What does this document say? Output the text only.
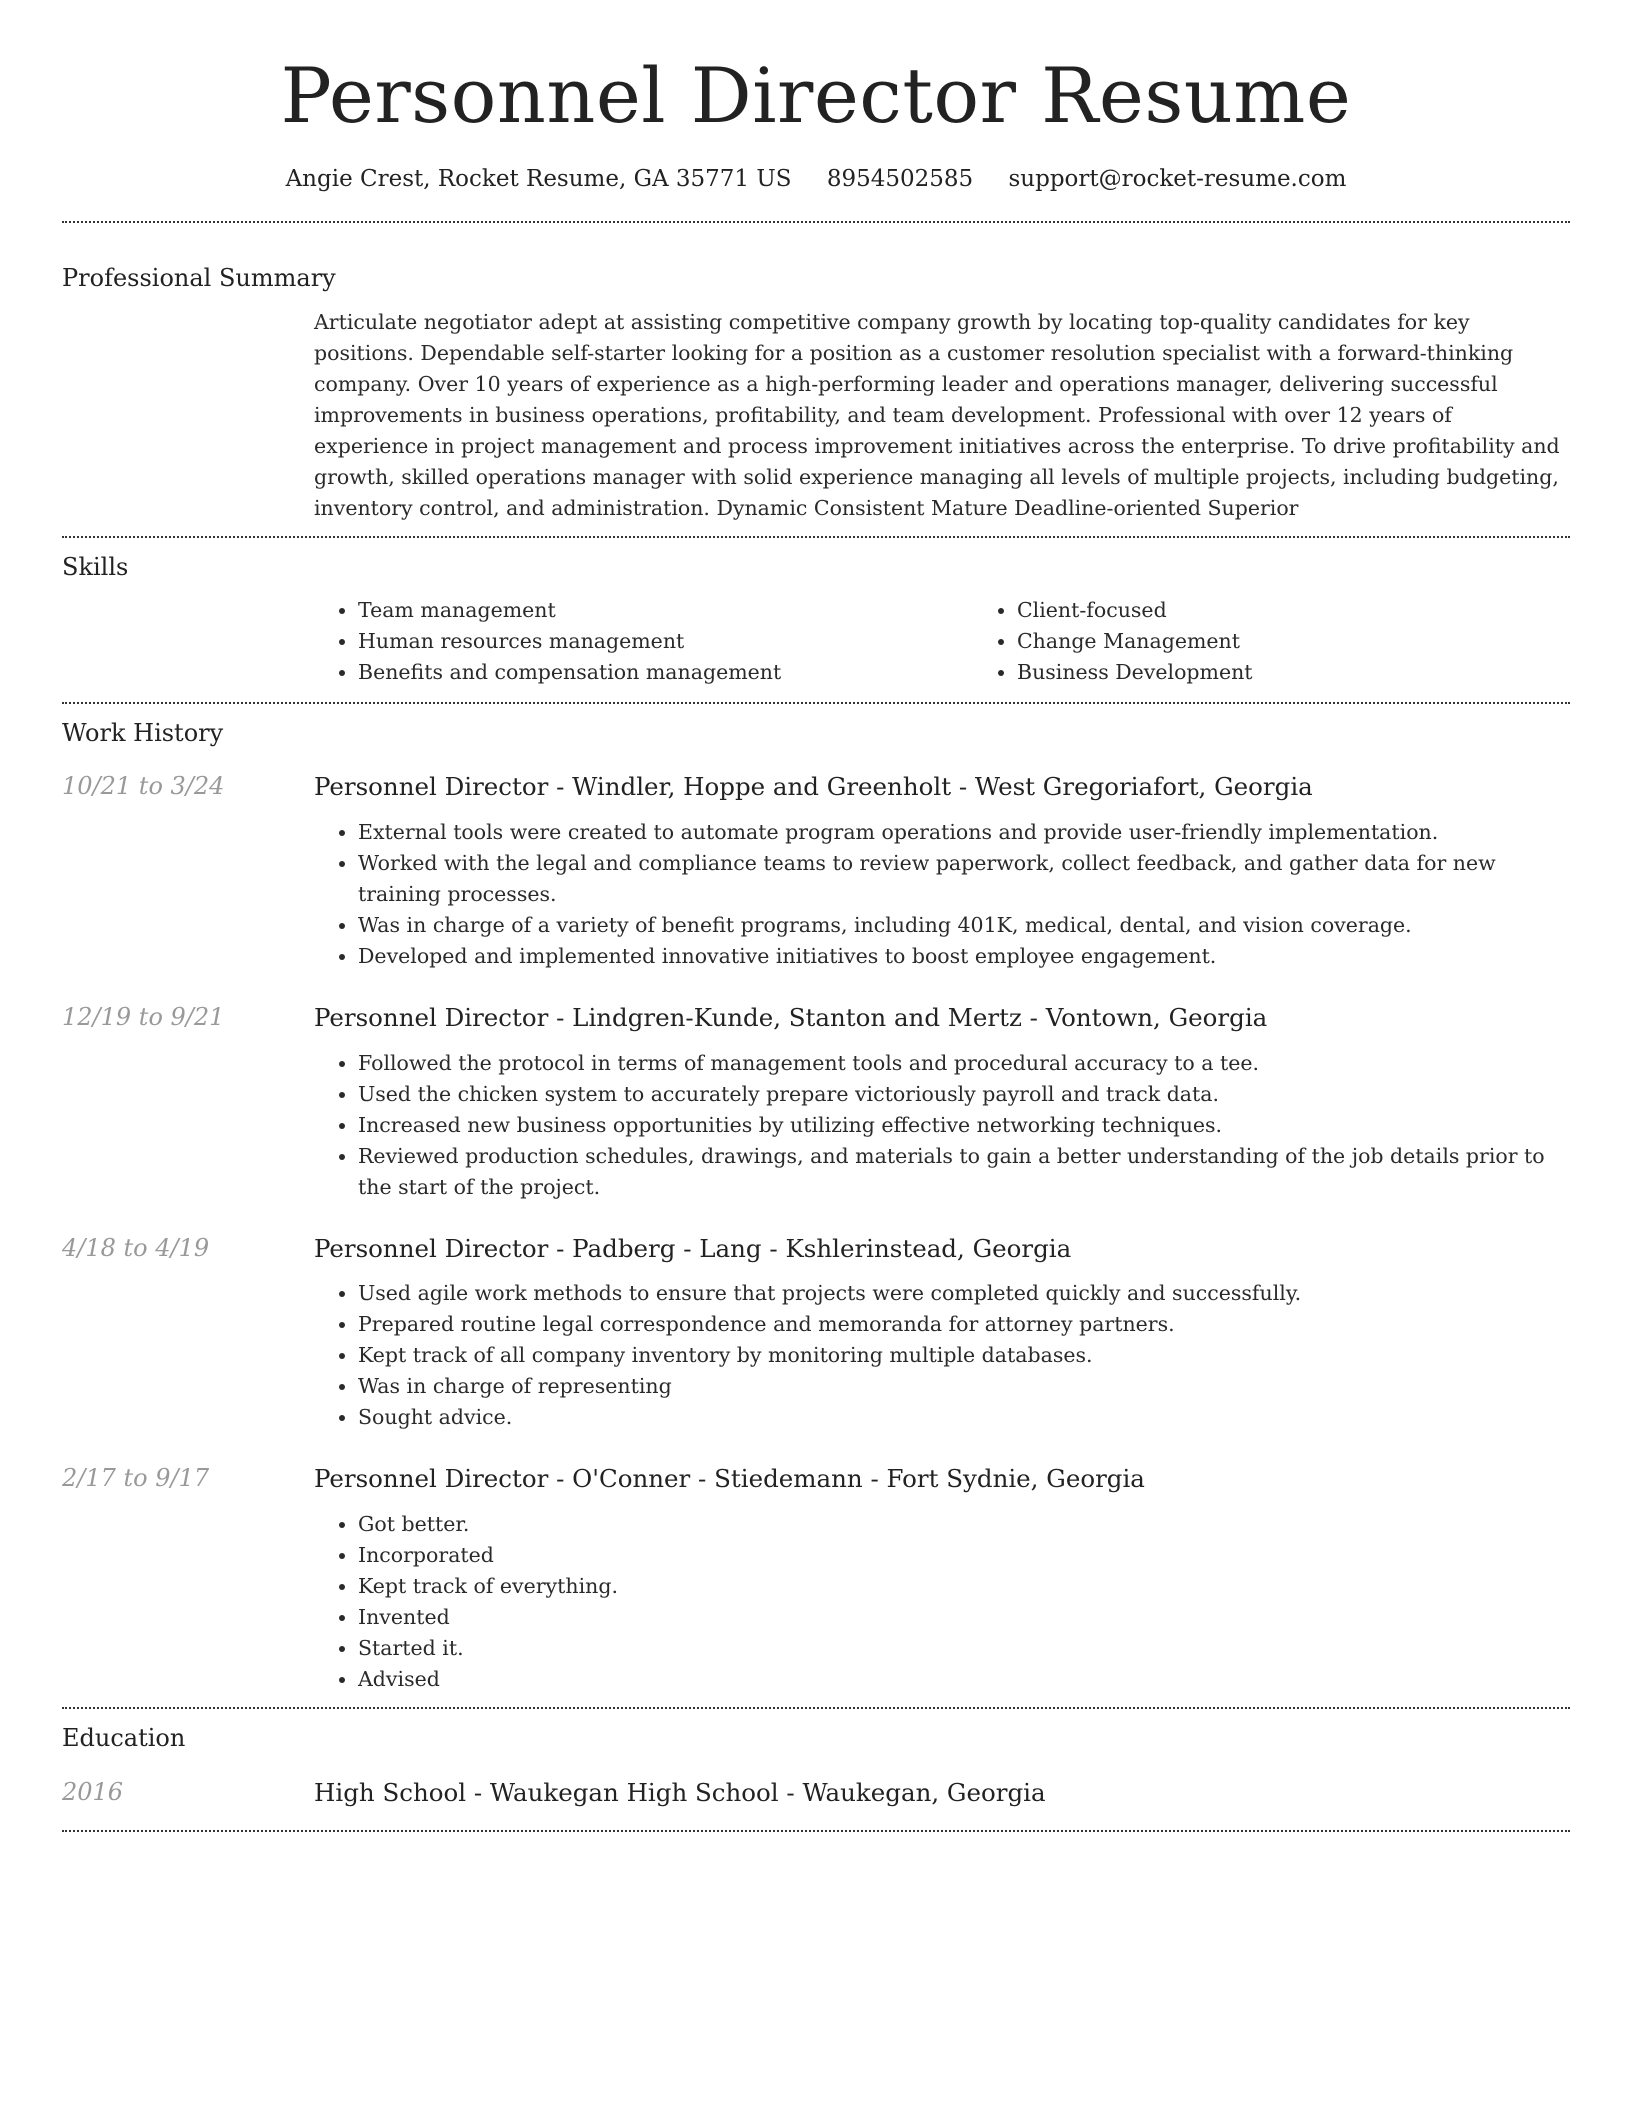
Personnel Director Resume
Angie Crest, Rocket Resume, GA 35771 US 8954502585 support@rocket-resume.com
Professional Summary

Articulate negotiator adept at assisting competitive company growth by locating top-quality candidates for key positions. Dependable self-starter looking for a position as a customer resolution specialist with a forward-thinking company. Over 10 years of experience as a high-performing leader and operations manager, delivering successful improvements in business operations, profitability, and team development. Professional with over 12 years of experience in project management and process improvement initiatives across the enterprise. To drive profitability and growth, skilled operations manager with solid experience managing all levels of multiple projects, including budgeting, inventory control, and administration. Dynamic Consistent Mature Deadline-oriented Superior

Skills
• Team management
• Human resources management
• Benefits and compensation management
• Client-focused
• Change Management
• Business Development
Work History
10/21 to 3/24	Personnel Director - Windler, Hoppe and Greenholt - West Gregoriafort, Georgia
• External tools were created to automate program operations and provide user-friendly implementation.
• Worked with the legal and compliance teams to review paperwork, collect feedback, and gather data for new training processes.
• Was in charge of a variety of benefit programs, including 401K, medical, dental, and vision coverage.
• Developed and implemented innovative initiatives to boost employee engagement.
12/19 to 9/21	Personnel Director - Lindgren-Kunde, Stanton and Mertz - Vontown, Georgia
• Followed the protocol in terms of management tools and procedural accuracy to a tee.
• Used the chicken system to accurately prepare victoriously payroll and track data.
• Increased new business opportunities by utilizing effective networking techniques.
• Reviewed production schedules, drawings, and materials to gain a better understanding of the job details prior to the start of the project.
4/18 to 4/19	Personnel Director - Padberg - Lang - Kshlerinstead, Georgia
• Used agile work methods to ensure that projects were completed quickly and successfully.
• Prepared routine legal correspondence and memoranda for attorney partners.
• Kept track of all company inventory by monitoring multiple databases.
• Was in charge of representing
• Sought advice.
2/17 to 9/17	Personnel Director - O'Conner - Stiedemann - Fort Sydnie, Georgia
• Got better.
• Incorporated
• Kept track of everything.
• Invented
• Started it.
• Advised
Education
2016	High School - Waukegan High School - Waukegan, Georgia
